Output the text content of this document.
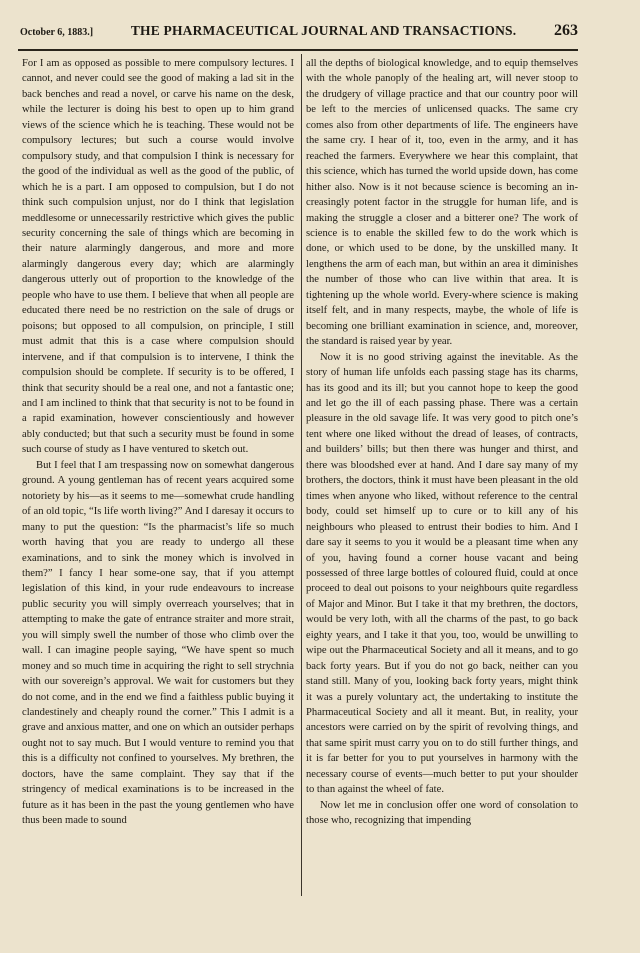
October 6, 1883.]	THE PHARMACEUTICAL JOURNAL AND TRANSACTIONS. 263

For I am as opposed as possible to mere compulsory lectures. I cannot, and never could see the good of making a lad sit in the back benches and read a novel, or carve his name on the desk, while the lecturer is doing his best to open up to him grand views of the science which he is teaching. These would not be compulsory lectures; but such a course would involve compulsory study, and that compulsion I think is necessary for the good of the individual as well as the good of the public, of which he is a part. I am opposed to compulsion, but I do not think such compulsion unjust, nor do I think that legislation meddlesome or unnecessarily restrictive which gives the public security concerning the sale of things which are becoming in their nature alarmingly dangerous, and more and more alarmingly dangerous every day; which are alarmingly dangerous utterly out of proportion to the knowledge of the people who have to use them. I believe that when all people are educated there need be no restriction on the sale of drugs or poisons; but opposed to all compulsion, on principle, I still must admit that this is a case where compulsion should intervene, and if that compulsion is to intervene, I think the compulsion should be complete. If security is to be offered, I think that security should be a real one, and not a fantastic one; and I am inclined to think that that security is not to be found in a rapid examination, however conscientiously and however ably conducted; but that such a security must be found in some such course of study as I have ventured to sketch out.

But I feel that I am trespassing now on somewhat dangerous ground. A young gentleman has of recent years acquired some notoriety by his—as it seems to me—somewhat crude handling of an old topic, “Is life worth living?” And I daresay it occurs to many to put the question: “Is the pharmacist’s life so much worth having that you are ready to undergo all these examinations, and to sink the money which is involved in them?” I fancy I hear some-one say, that if you attempt legislation of this kind, in your rude endeavours to increase public security you will simply overreach yourselves; that in attempting to make the gate of entrance straiter and more strait, you will simply swell the number of those who climb over the wall. I can imagine people saying, “We have spent so much money and so much time in acquiring the right to sell strychnia with our sovereign’s approval. We wait for customers but they do not come, and in the end we find a faithless public buying it clandestinely and cheaply round the corner.” This I admit is a grave and anxious matter, and one on which an outsider perhaps ought not to say much. But I would venture to remind you that this is a difficulty not confined to yourselves. My brethren, the doctors, have the same complaint. They say that if the stringency of medical examinations is to be increased in the future as it has been in the past the young gentlemen who have thus been made to sound

all the depths of biological knowledge, and to equip themselves with the whole panoply of the healing art, will never stoop to the drudgery of village practice and that our country poor will be left to the mercies of unlicensed quacks. The same cry comes also from other departments of life. The engineers have the same cry. I hear of it, too, even in the army, and it has reached the farmers. Everywhere we hear this complaint, that this science, which has turned the world upside down, has come hither also. Now is it not because science is becoming an in-creasingly potent factor in the struggle for human life, and is making the struggle a closer and a bitterer one? The work of science is to enable the skilled few to do the work which is done, or which used to be done, by the unskilled many. It lengthens the arm of each man, but within an area it diminishes the number of those who can live within that area. It is tightening up the whole world. Every-where science is making itself felt, and in many respects, maybe, the whole of life is becoming one brilliant examination in science, and, moreover, the standard is raised year by year.

Now it is no good striving against the inevitable. As the story of human life unfolds each passing stage has its charms, has its good and its ill; but you cannot hope to keep the good and let go the ill of each passing phase. There was a certain pleasure in the old savage life. It was very good to pitch one’s tent where one liked without the dread of leases, of contracts, and builders’ bills; but then there was hunger and thirst, and there was bloodshed ever at hand. And I dare say many of my brothers, the doctors, think it must have been pleasant in the old times when anyone who liked, without reference to the central body, could set himself up to cure or to kill any of his neighbours who pleased to entrust their bodies to him. And I dare say it seems to you it would be a pleasant time when any of you, having found a corner house vacant and being possessed of three large bottles of coloured fluid, could at once proceed to deal out poisons to your neighbours quite regardless of Major and Minor. But I take it that my brethren, the doctors, would be very loth, with all the charms of the past, to go back eighty years, and I take it that you, too, would be unwilling to wipe out the Pharmaceutical Society and all it means, and to go back forty years. But if you do not go back, neither can you stand still. Many of you, looking back forty years, might think it was a purely voluntary act, the undertaking to institute the Pharmaceutical Society and all it meant. But, in reality, your ancestors were carried on by the spirit of revolving things, and that same spirit must carry you on to do still further things, and it is far better for you to put yourselves in harmony with the necessary course of events—much better to put your shoulder to than against the wheel of fate.

Now let me in conclusion offer one word of consolation to those who, recognizing that impending
